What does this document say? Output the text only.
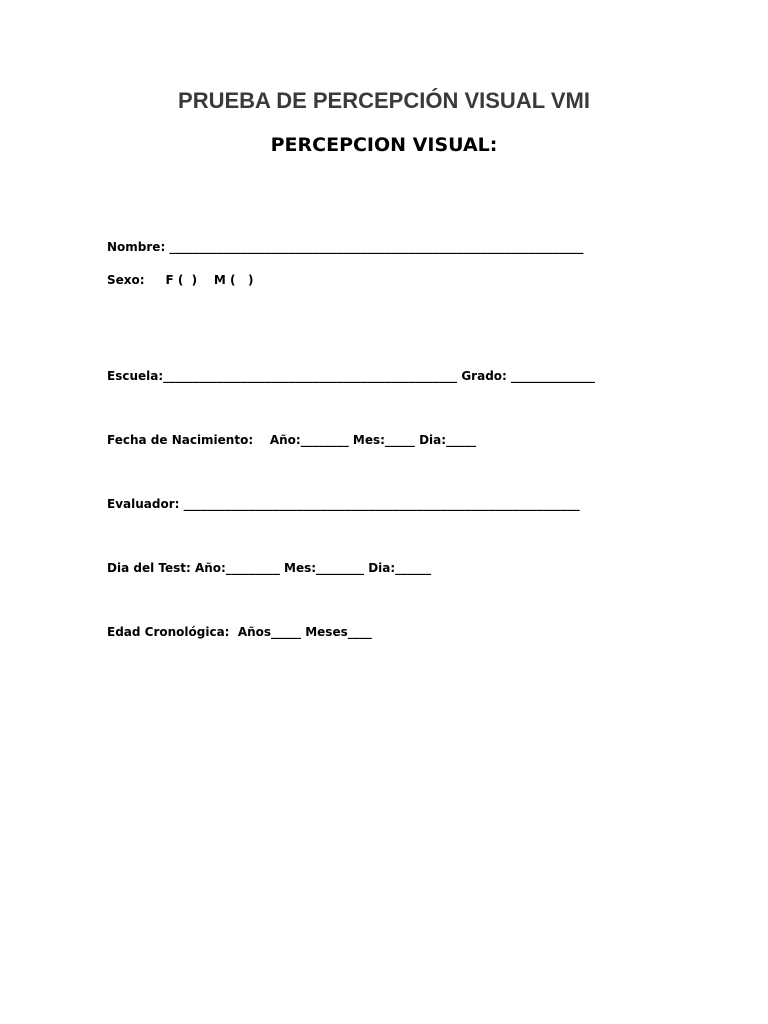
PRUEBA DE PERCEPCIÓN VISUAL VMI
PERCEPCION VISUAL:

Nombre: _____________________________________________________________________

Sexo:     F (  )    M (   )

Escuela:_________________________________________________ Grado: ______________

Fecha de Nacimiento:    Año:________ Mes:_____ Dia:_____

Evaluador: __________________________________________________________________

Dia del Test: Año:_________ Mes:________ Dia:______

Edad Cronológica:  Años_____ Meses____
